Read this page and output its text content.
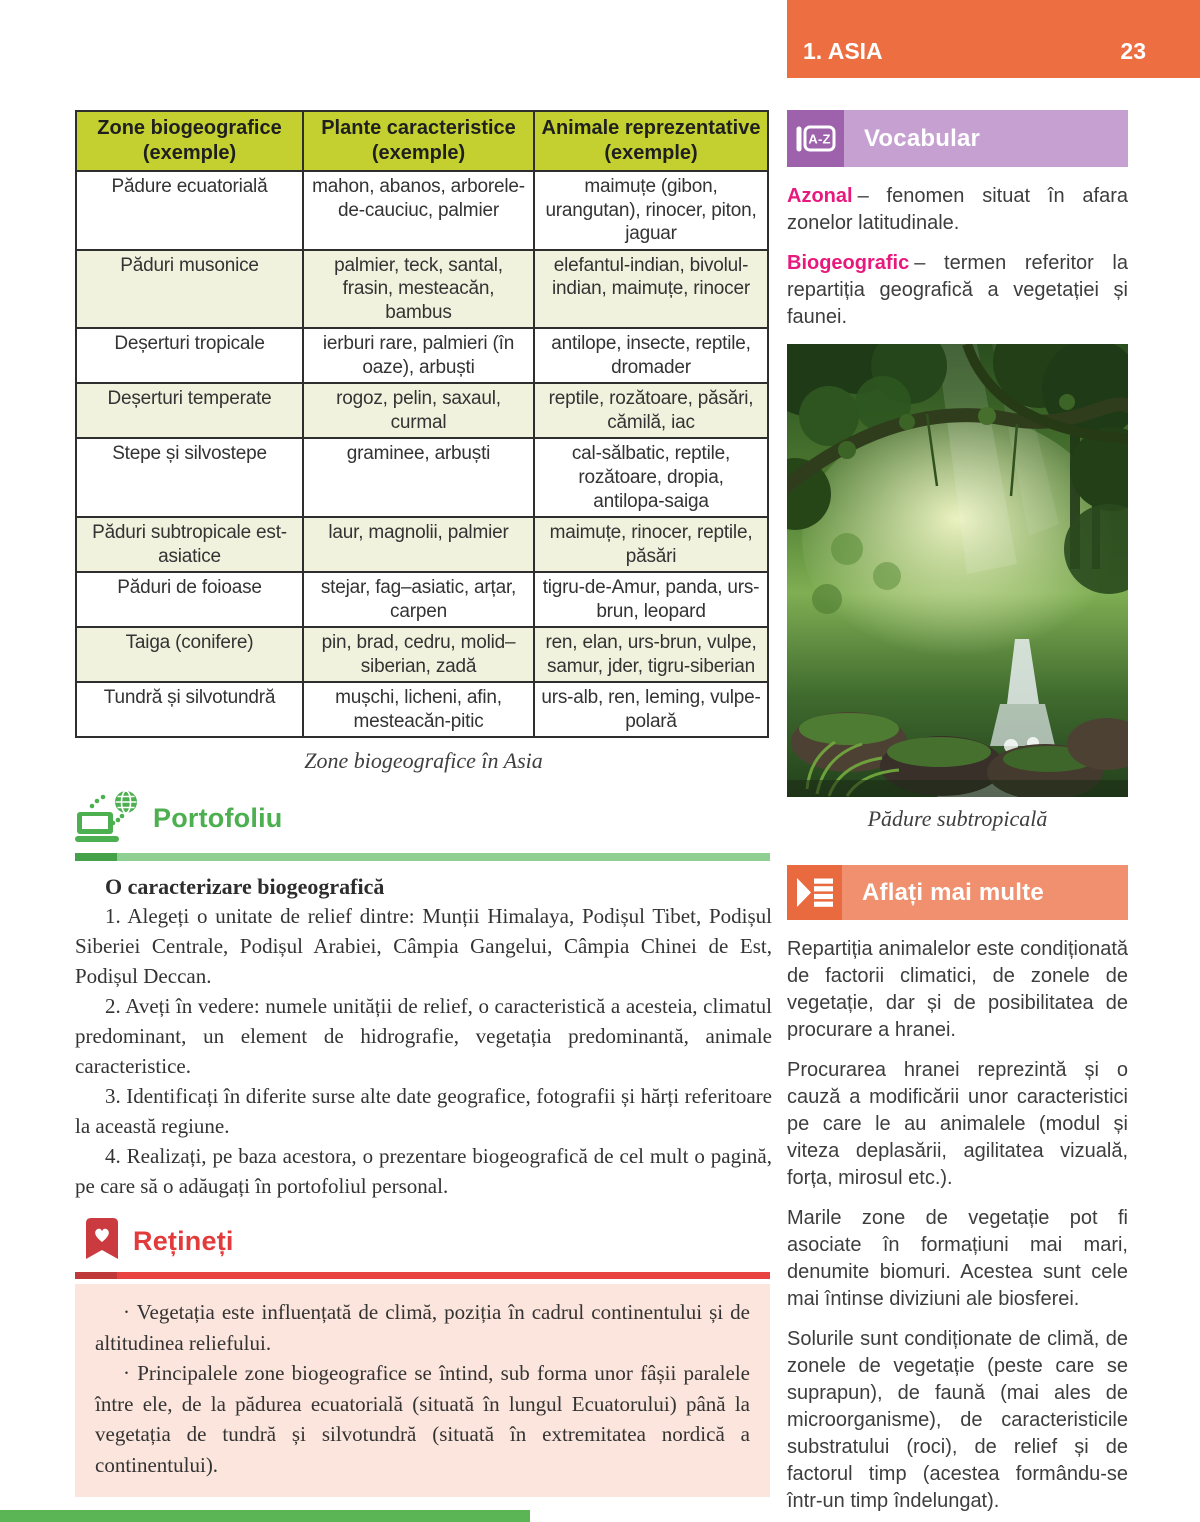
1. ASIA	23
Zone biogeografice (exemple)	Plante caracteristice (exemple)	Animale reprezentative (exemple)
Pădure ecuatorială	mahon, abanos, arborele-de-cauciuc, palmier	maimuțe (gibon, urangutan), rinocer, piton, jaguar
Păduri musonice	palmier, teck, santal, frasin, mesteacăn, bambus	elefantul-indian, bivolul-indian, maimuțe, rinocer
Deșerturi tropicale	ierburi rare, palmieri (în oaze), arbuști	antilope, insecte, reptile, dromader
Deșerturi temperate	rogoz, pelin, saxaul, curmal	reptile, rozătoare, păsări, cămilă, iac
Stepe și silvostepe	graminee, arbuști	cal-sălbatic, reptile, rozătoare, dropia, antilopa-saiga
Păduri subtropicale est-asiatice	laur, magnolii, palmier	maimuțe, rinocer, reptile, păsări
Păduri de foioase	stejar, fag–asiatic, arțar, carpen	tigru-de-Amur, panda, urs-brun, leopard
Taiga (conifere)	pin, brad, cedru, molid–siberian, zadă	ren, elan, urs-brun, vulpe, samur, jder, tigru-siberian
Tundră și silvotundră	mușchi, licheni, afin, mesteacăn-pitic	urs-alb, ren, leming, vulpe-polară
Zone biogeografice în Asia
Portofoliu
O caracterizare biogeografică

1. Alegeți o unitate de relief dintre: Munții Himalaya, Podișul Tibet, Podișul Siberiei Centrale, Podișul Arabiei, Câmpia Gangelui, Câmpia Chinei de Est, Podișul Deccan.

2. Aveți în vedere: numele unității de relief, o caracteristică a acesteia, climatul predominant, un element de hidrografie, vegetația predominantă, animale caracteristice.

3. Identificați în diferite surse alte date geografice, fotografii și hărți referitoare la această regiune.

4. Realizați, pe baza acestora, o prezentare biogeografică de cel mult o pagină, pe care să o adăugați în portofoliul personal.

Rețineți

· Vegetația este influențată de climă, poziția în cadrul continentului și de altitudinea reliefului.

· Principalele zone biogeografice se întind, sub forma unor fâșii paralele între ele, de la pădurea ecuatorială (situată în lungul Ecuatorului) până la vegetația de tundră și silvotundră (situată în extremitatea nordică a continentului).

A-Z	Vocabular

Azonal – fenomen situat în afara zonelor latitudinale.

Biogeografic – termen referitor la repartiția geografică a vegetației și faunei.

Pădure subtropicală
Aflați mai multe

Repartiția animalelor este condiționată de factorii climatici, de zonele de vegetație, dar și de posibilitatea de procurare a hranei.

Procurarea hranei reprezintă și o cauză a modificării unor caracteristici pe care le au animalele (modul și viteza deplasării, agilitatea vizuală, forța, mirosul etc.).

Marile zone de vegetație pot fi asociate în formațiuni mai mari, denumite biomuri. Acestea sunt cele mai întinse diviziuni ale biosferei.

Solurile sunt condiționate de climă, de zonele de vegetație (peste care se suprapun), de faună (mai ales de microorganisme), de caracteristicile substratului (roci), de relief și de factorul timp (acestea formându-se într-un timp îndelungat).
